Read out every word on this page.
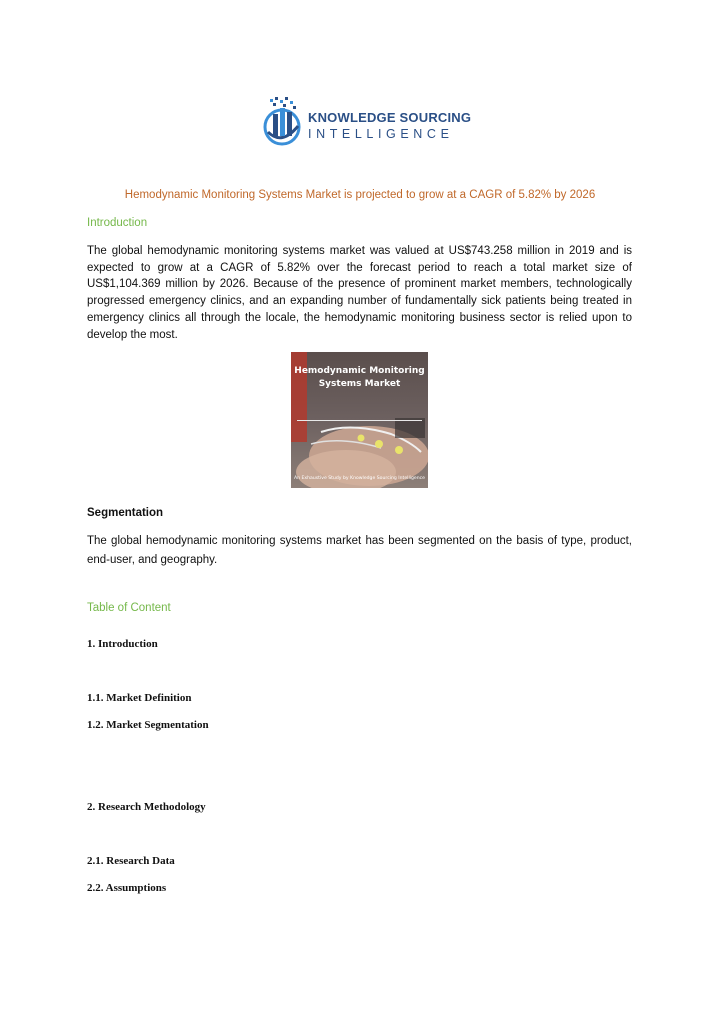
KNOWLEDGE SOURCING
INTELLIGENCE
Hemodynamic Monitoring Systems Market is projected to grow at a CAGR of 5.82% by 2026
Introduction
The global hemodynamic monitoring systems market was valued at US$743.258 million in 2019 and is expected to grow at a CAGR of 5.82% over the forecast period to reach a total market size of US$1,104.369 million by 2026. Because of the presence of prominent market members, technologically progressed emergency clinics, and an expanding number of fundamentally sick patients being treated in emergency clinics all through the locale, the hemodynamic monitoring business sector is relied upon to develop the most.
Hemodynamic Monitoring Systems Market
An Exhaustive Study by Knowledge Sourcing Intelligence
Segmentation
The global hemodynamic monitoring systems market has been segmented on the basis of type, product, end-user, and geography.
Table of Content
1. Introduction
1.1. Market Definition
1.2. Market Segmentation
2. Research Methodology
2.1. Research Data
2.2. Assumptions
